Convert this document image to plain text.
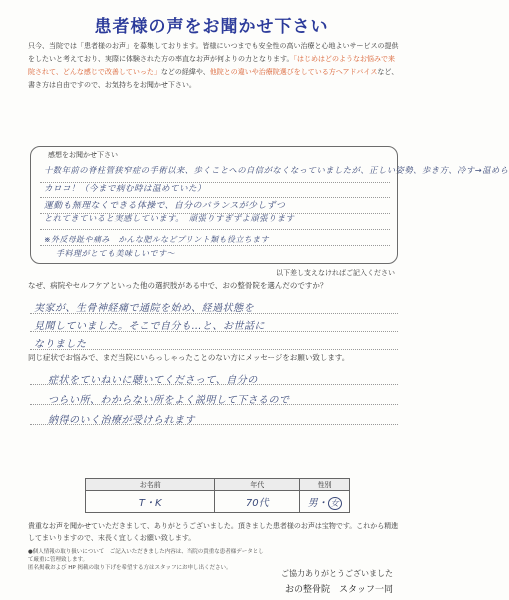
患者様の声をお聞かせ下さい
只今、当院では「患者様のお声」を募集しております。皆様にいつまでも安全性の高い治療と心地よいサービスの提供をしたいと考えており、実際に体験された方の率直なお声が何よりの力となります。「はじめはどのようなお悩みで来院されて、どんな感じで改善していった」などの経緯や、他院との違いや治療院選びをしている方へアドバイスなど、書き方は自由ですので、お気持ちをお聞かせ下さい。
感想をお聞かせ下さい
十数年前の脊柱管狭窄症の手術以来、歩くことへの自信がなくなっていましたが、正しい姿勢、歩き方、冷す→温めら
カロコ！（今まで病む時は温めていた）
運動も無理なくできる体操で、自分のバランスが少しずつ
とれてきていると実感しています。　頑張りすぎずよ頑張ります
※外反母趾や痛み　かんな肥ルなどプリント類も役立ちます
手料理がとても美味しいです〜
以下差し支えなければご記入ください
なぜ、病院やセルフケアといった他の選択肢がある中で、おの整骨院を選んだのですか？
実家が、生骨神経痛で通院を始め、経過状態を
見聞していました。そこで自分も…と、お世話に
なりました
同じ症状でお悩みで、まだ当院にいらっしゃったことのない方にメッセージをお願い致します。
症状をていねいに聴いてくださって、自分の
つらい所、わからない所をよく説明して下さるので
納得のいく治療が受けられます
お名前	年代	性別
T・K	70代	男・ 女
貴重なお声を聞かせていただきまして、ありがとうございました。頂きました患者様のお声は宝物です。これから精進してまいりますので、末長く宜しくお願い致します。
●個人情報の取り扱いについて　ご記入いただきました内容は、当院の貴重な患者様データとして厳重に管理致します。
匿名掲載および HP 掲載の取り下げを希望する方はスタッフにお申し出ください。
ご協力ありがとうございました
おの整骨院　スタッフ一同
